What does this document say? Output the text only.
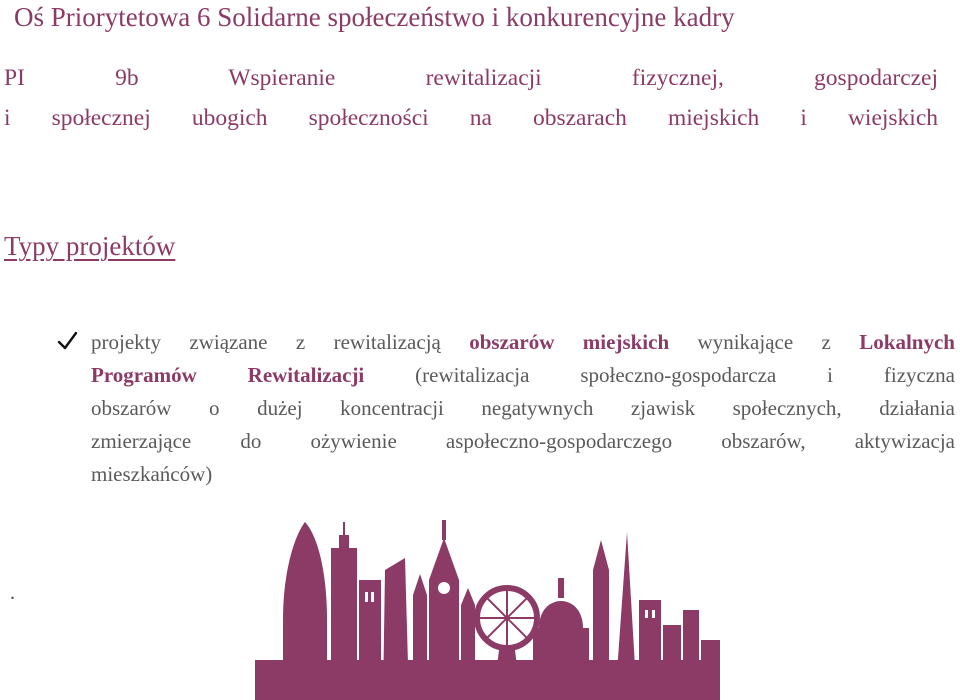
Oś Priorytetowa 6 Solidarne społeczeństwo i konkurencyjne kadry
PI	9b	Wspieranie	rewitalizacji	fizycznej,	gospodarczej
i społecznej ubogich społeczności na obszarach miejskich i wiejskich
Typy projektów
projekty związane z rewitalizacją obszarów miejskich wynikające z Lokalnych
Programów Rewitalizacji (rewitalizacja społeczno-gospodarcza i fizyczna
obszarów o dużej koncentracji negatywnych zjawisk społecznych, działania
zmierzające do ożywienie aspołeczno-gospodarczego obszarów, aktywizacja
mieszkańców)
.
